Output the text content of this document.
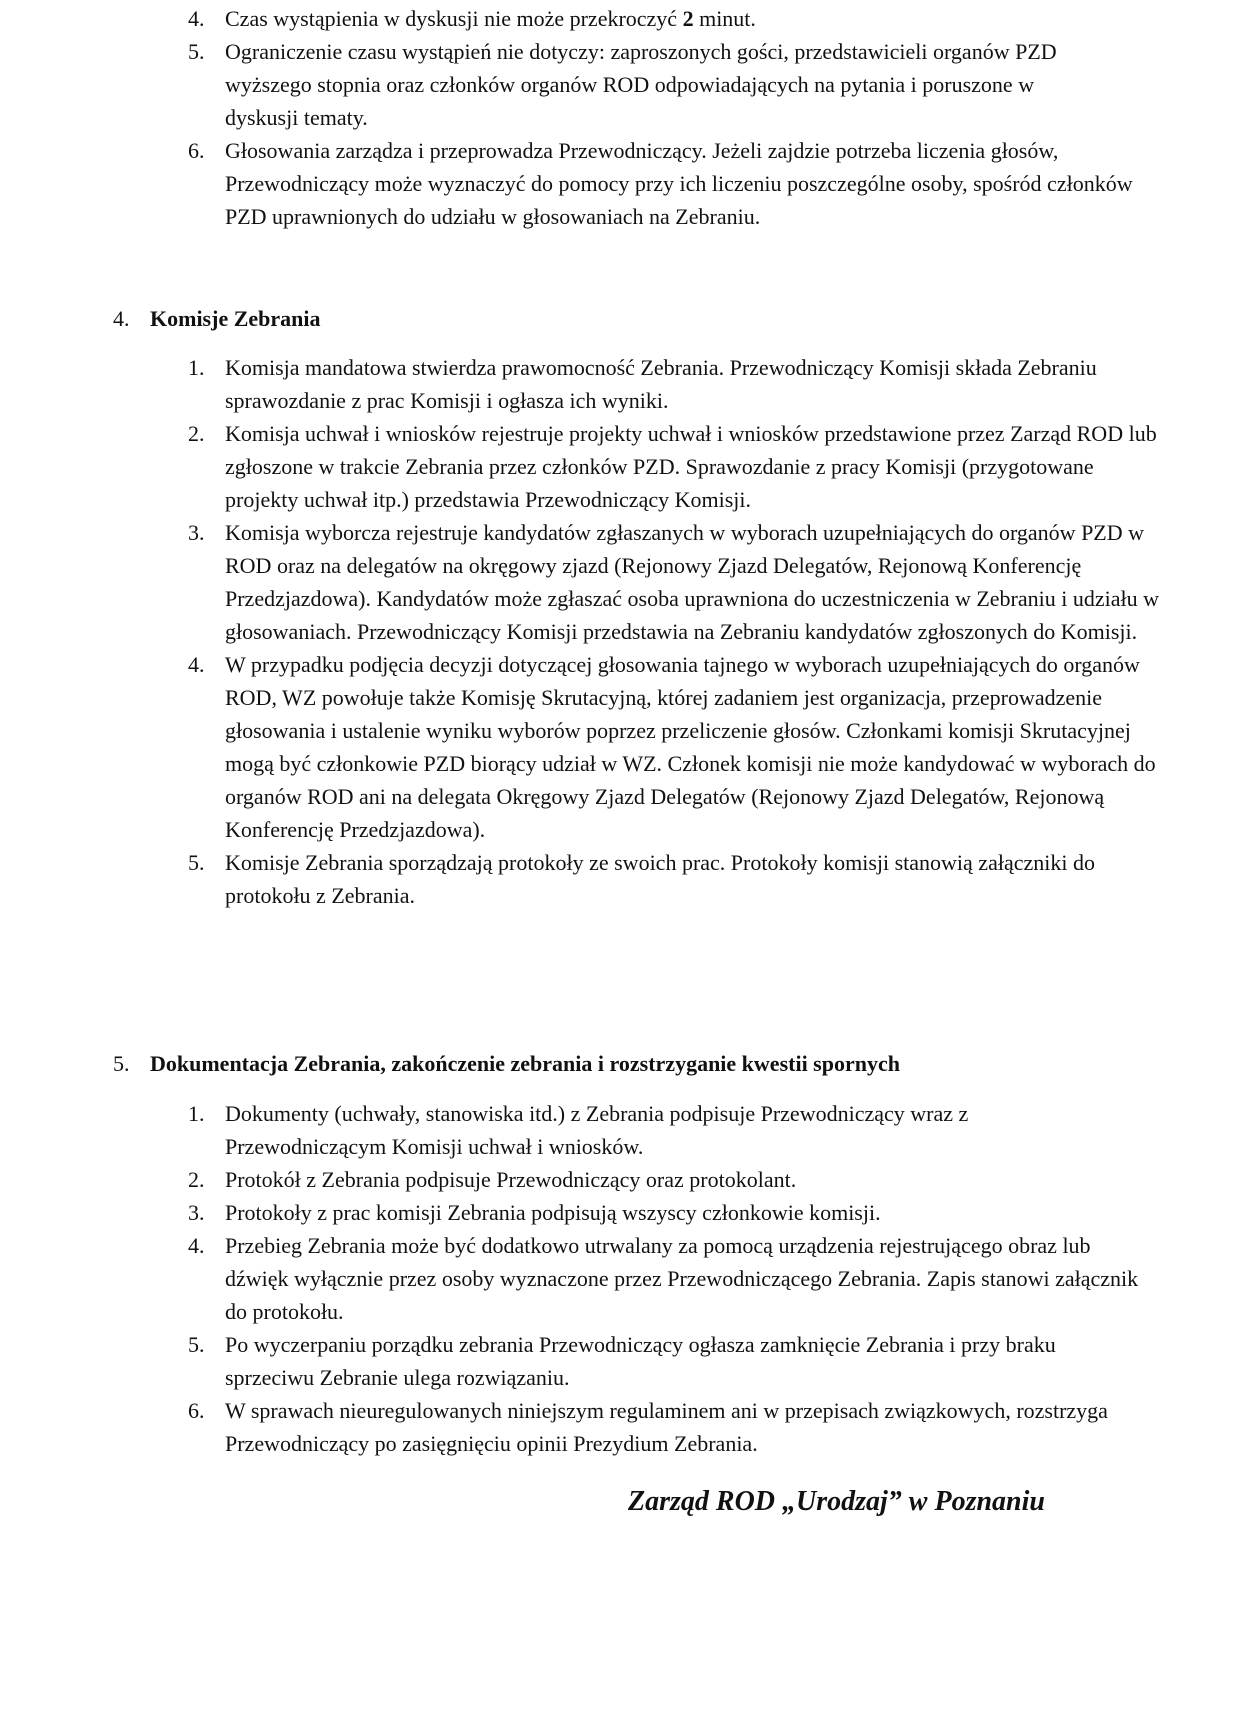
4. Czas wystąpienia w dyskusji nie może przekroczyć 2 minut.
5. Ograniczenie czasu wystąpień nie dotyczy: zaproszonych gości, przedstawicieli organów PZD wyższego stopnia oraz członków organów ROD odpowiadających na pytania i poruszone w dyskusji tematy.
6. Głosowania zarządza i przeprowadza Przewodniczący. Jeżeli zajdzie potrzeba liczenia głosów, Przewodniczący może wyznaczyć do pomocy przy ich liczeniu poszczególne osoby, spośród członków PZD uprawnionych do udziału w głosowaniach na Zebraniu.
4. Komisje Zebrania
1. Komisja mandatowa stwierdza prawomocność Zebrania. Przewodniczący Komisji składa Zebraniu sprawozdanie z prac Komisji i ogłasza ich wyniki.
2. Komisja uchwał i wniosków rejestruje projekty uchwał i wniosków przedstawione przez Zarząd ROD lub zgłoszone w trakcie Zebrania przez członków PZD. Sprawozdanie z pracy Komisji (przygotowane projekty uchwał itp.) przedstawia Przewodniczący Komisji.
3. Komisja wyborcza rejestruje kandydatów zgłaszanych w wyborach uzupełniających do organów PZD w ROD oraz na delegatów na okręgowy zjazd (Rejonowy Zjazd Delegatów, Rejonową Konferencję Przedzjazdowa). Kandydatów może zgłaszać osoba uprawniona do uczestniczenia w Zebraniu i udziału w głosowaniach. Przewodniczący Komisji przedstawia na Zebraniu kandydatów zgłoszonych do Komisji.
4. W przypadku podjęcia decyzji dotyczącej głosowania tajnego w wyborach uzupełniających do organów ROD, WZ powołuje także Komisję Skrutacyjną, której zadaniem jest organizacja, przeprowadzenie głosowania i ustalenie wyniku wyborów poprzez przeliczenie głosów. Członkami komisji Skrutacyjnej mogą być członkowie PZD biorący udział w WZ. Członek komisji nie może kandydować w wyborach do organów ROD ani na delegata Okręgowy Zjazd Delegatów (Rejonowy Zjazd Delegatów, Rejonową Konferencję Przedzjazdowa).
5. Komisje Zebrania sporządzają protokoły ze swoich prac. Protokoły komisji stanowią załączniki do protokołu z Zebrania.
5. Dokumentacja Zebrania, zakończenie zebrania i rozstrzyganie kwestii spornych
1. Dokumenty (uchwały, stanowiska itd.) z Zebrania podpisuje Przewodniczący wraz z Przewodniczącym Komisji uchwał i wniosków.
2. Protokół z Zebrania podpisuje Przewodniczący oraz protokolant.
3. Protokoły z prac komisji Zebrania podpisują wszyscy członkowie komisji.
4. Przebieg Zebrania może być dodatkowo utrwalany za pomocą urządzenia rejestrującego obraz lub dźwięk wyłącznie przez osoby wyznaczone przez Przewodniczącego Zebrania. Zapis stanowi załącznik do protokołu.
5. Po wyczerpaniu porządku zebrania Przewodniczący ogłasza zamknięcie Zebrania i przy braku sprzeciwu Zebranie ulega rozwiązaniu.
6. W sprawach nieuregulowanych niniejszym regulaminem ani w przepisach związkowych, rozstrzyga Przewodniczący po zasięgnięciu opinii Prezydium Zebrania.
Zarząd ROD „Urodzaj” w Poznaniu
